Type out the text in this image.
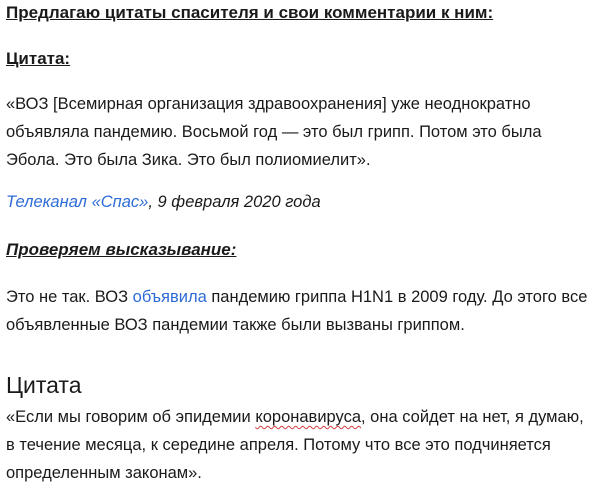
Предлагаю цитаты спасителя и свои комментарии к ним:
Цитата:
«ВОЗ [Всемирная организация здравоохранения] уже неоднократно
объявляла пандемию. Восьмой год — это был грипп. Потом это была
Эбола. Это была Зика. Это был полиомиелит».
Телеканал «Спас», 9 февраля 2020 года
Проверяем высказывание:
Это не так. ВОЗ объявила пандемию гриппа H1N1 в 2009 году. До этого все
объявленные ВОЗ пандемии также были вызваны гриппом.
Цитата
«Если мы говорим об эпидемии коронавируса, она сойдет на нет, я думаю,
в течение месяца, к середине апреля. Потому что все это подчиняется
определенным законам».
